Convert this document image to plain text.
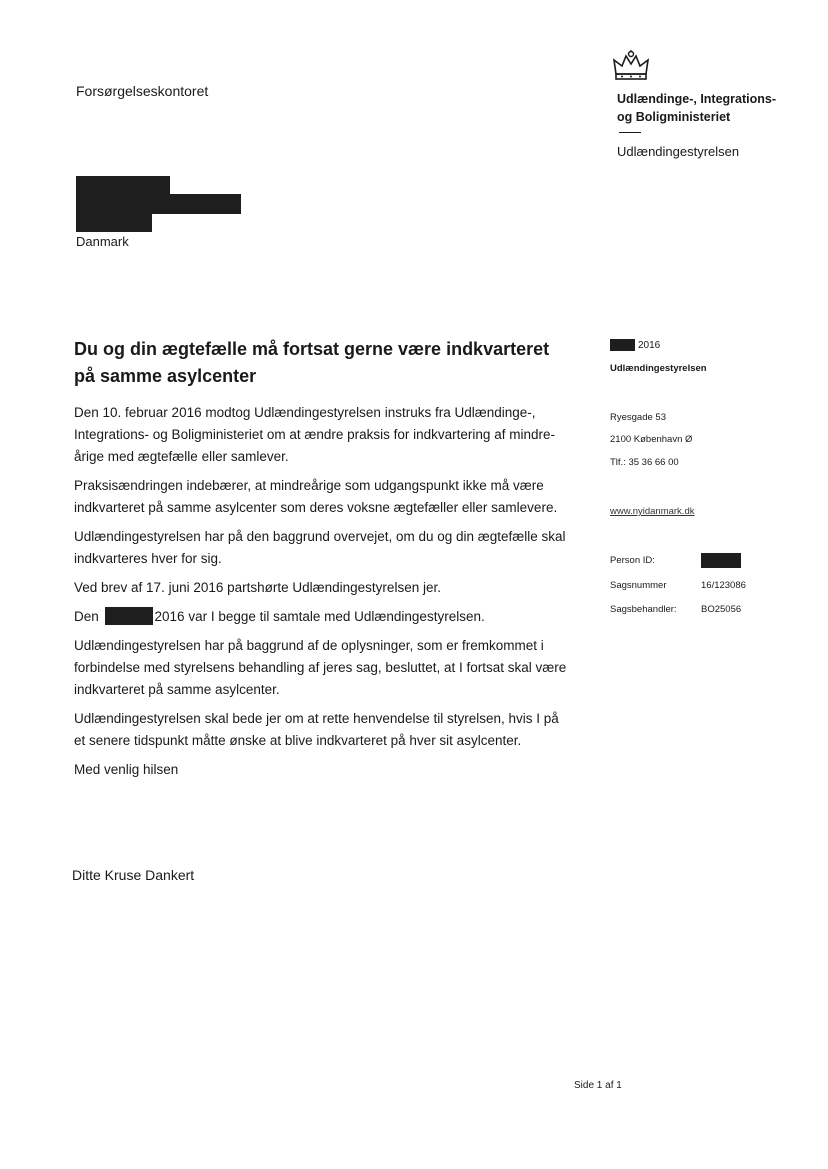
Forsørgelseskontoret	Udlændinge-, Integrations-
og Boligministeriet
Udlændingestyrelsen
Danmark
Du og din ægtefælle må fortsat gerne være indkvarteret på samme asylcenter

Den 10. februar 2016 modtog Udlændingestyrelsen instruks fra Udlændinge-,
Integrations- og Boligministeriet om at ændre praksis for indkvartering af mindre-
årige med ægtefælle eller samlever.

Praksisændringen indebærer, at mindreårige som udgangspunkt ikke må være
indkvarteret på samme asylcenter som deres voksne ægtefæller eller samlevere.

Udlændingestyrelsen har på den baggrund overvejet, om du og din ægtefælle skal
indkvarteres hver for sig.

Ved brev af 17. juni 2016 partshørte Udlændingestyrelsen jer.

Den	2016 var I begge til samtale med Udlændingestyrelsen.

Udlændingestyrelsen har på baggrund af de oplysninger, som er fremkommet i
forbindelse med styrelsens behandling af jeres sag, besluttet, at I fortsat skal være
indkvarteret på samme asylcenter.

Udlændingestyrelsen skal bede jer om at rette henvendelse til styrelsen, hvis I på
et senere tidspunkt måtte ønske at blive indkvarteret på hver sit asylcenter.

Med venlig hilsen

Ditte Kruse Dankert
2016
Udlændingestyrelsen
Ryesgade 53
2100 København Ø
Tlf.: 35 36 66 00
www.nyidanmark.dk
Person ID:
Sagsnummer	16/123086
Sagsbehandler:	BO25056
Side 1 af 1
